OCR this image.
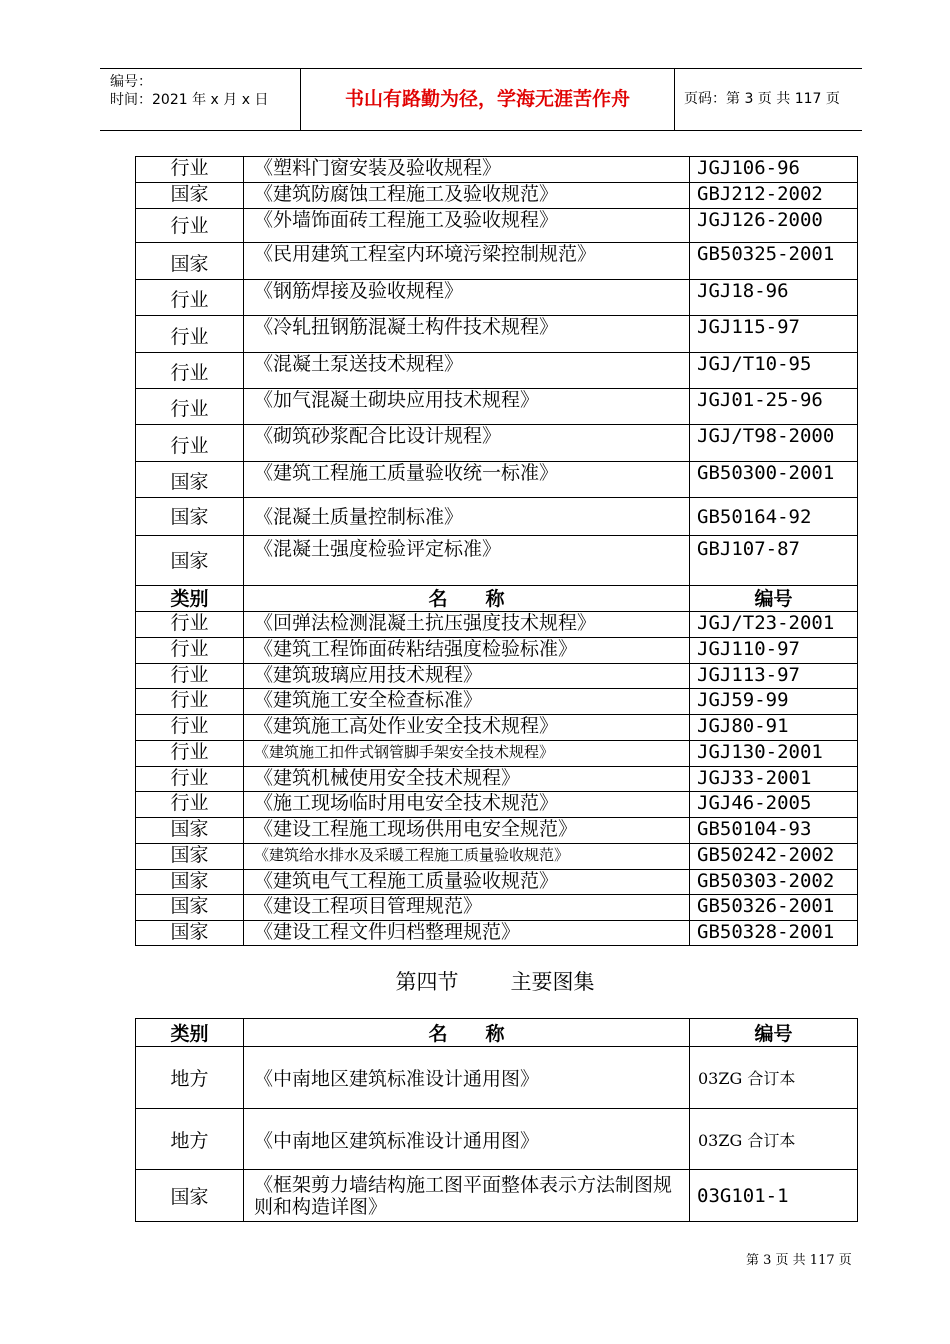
编号：
时间：2021 年 x 月 x 日	书山有路勤为径，学海无涯苦作舟	页码：第 3 页 共 117 页
行业	《塑料门窗安装及验收规程》	JGJ106-96
国家	《建筑防腐蚀工程施工及验收规范》	GBJ212-2002
行业	《外墙饰面砖工程施工及验收规程》	JGJ126-2000
国家	《民用建筑工程室内环境污梁控制规范》	GB50325-2001
行业	《钢筋焊接及验收规程》	JGJ18-96
行业	《冷轧扭钢筋混凝土构件技术规程》	JGJ115-97
行业	《混凝土泵送技术规程》	JGJ/T10-95
行业	《加气混凝土砌块应用技术规程》	JGJ01-25-96
行业	《砌筑砂浆配合比设计规程》	JGJ/T98-2000
国家	《建筑工程施工质量验收统一标准》	GB50300-2001
国家	《混凝土质量控制标准》	GB50164-92
国家	《混凝土强度检验评定标准》	GBJ107-87
类别	名　　称	编号
行业	《回弹法检测混凝土抗压强度技术规程》	JGJ/T23-2001
行业	《建筑工程饰面砖粘结强度检验标准》	JGJ110-97
行业	《建筑玻璃应用技术规程》	JGJ113-97
行业	《建筑施工安全检查标准》	JGJ59-99
行业	《建筑施工高处作业安全技术规程》	JGJ80-91
行业	《建筑施工扣件式钢管脚手架安全技术规程》	JGJ130-2001
行业	《建筑机械使用安全技术规程》	JGJ33-2001
行业	《施工现场临时用电安全技术规范》	JGJ46-2005
国家	《建设工程施工现场供用电安全规范》	GB50104-93
国家	《建筑给水排水及采暖工程施工质量验收规范》	GB50242-2002
国家	《建筑电气工程施工质量验收规范》	GB50303-2002
国家	《建设工程项目管理规范》	GB50326-2001
国家	《建设工程文件归档整理规范》	GB50328-2001
第四节 主要图集
类别	名　　称	编号
地方	《中南地区建筑标准设计通用图》	03ZG 合订本
地方	《中南地区建筑标准设计通用图》	03ZG 合订本
国家	《框架剪力墙结构施工图平面整体表示方法制图规则和构造详图》	03G101-1
第 3 页 共 117 页
